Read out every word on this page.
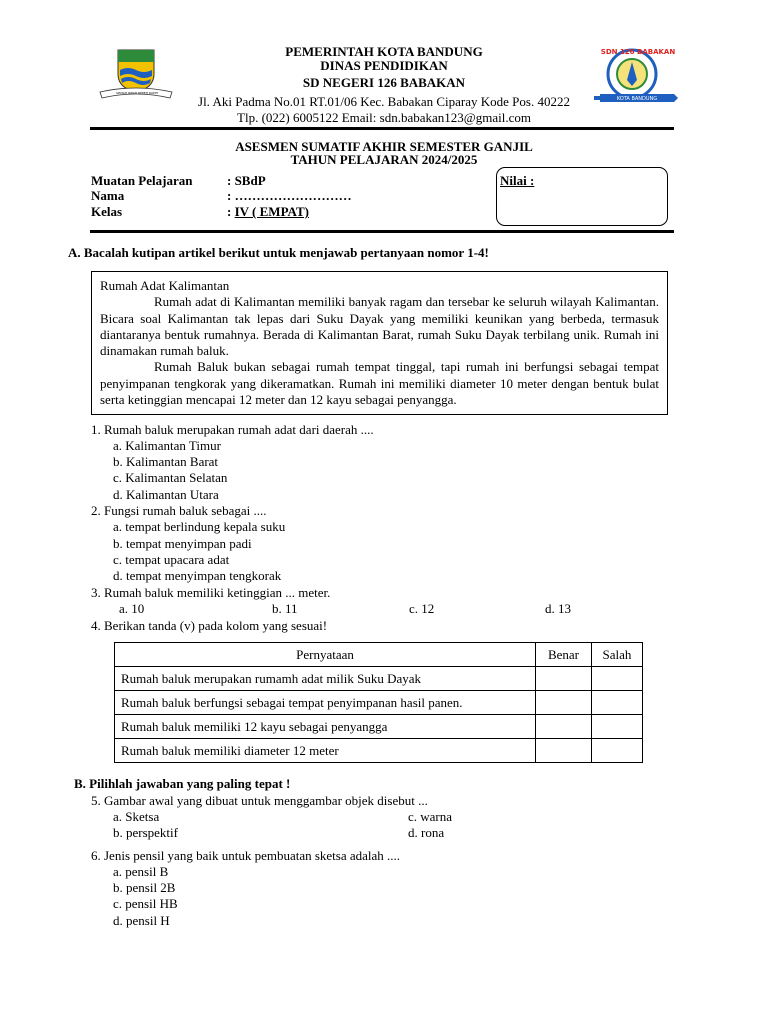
GEMAH RIPAH REPEH RAPIH
SDN 126 BABAKAN
KOTA BANDUNG
PEMERINTAH KOTA BANDUNG
DINAS PENDIDIKAN
SD NEGERI 126 BABAKAN
Jl. Aki Padma No.01 RT.01/06 Kec. Babakan Ciparay Kode Pos. 40222
Tlp. (022) 6005122 Email: sdn.babakan123@gmail.com
ASESMEN SUMATIF AKHIR SEMESTER GANJIL
TAHUN PELAJARAN 2024/2025
Muatan Pelajaran	: SBdP
Nama	: ………………………
Kelas	: IV ( EMPAT)
Nilai :
A. Bacalah kutipan artikel berikut untuk menjawab pertanyaan nomor 1-4!

Rumah Adat Kalimantan

Rumah adat di Kalimantan memiliki banyak ragam dan tersebar ke seluruh wilayah Kalimantan. Bicara soal Kalimantan tak lepas dari Suku Dayak yang memiliki keunikan yang berbeda, termasuk diantaranya bentuk rumahnya. Berada di Kalimantan Barat, rumah Suku Dayak terbilang unik. Rumah ini dinamakan rumah baluk.

Rumah Baluk bukan sebagai rumah tempat tinggal, tapi rumah ini berfungsi sebagai tempat penyimpanan tengkorak yang dikeramatkan. Rumah ini memiliki diameter 10 meter dengan bentuk bulat serta ketinggian mencapai 12 meter dan 12 kayu sebagai penyangga.

1. Rumah baluk merupakan rumah adat dari daerah ....
a. Kalimantan Timur
b. Kalimantan Barat
c. Kalimantan Selatan
d. Kalimantan Utara
2. Fungsi rumah baluk sebagai ....
a. tempat berlindung kepala suku
b. tempat menyimpan padi
c. tempat upacara adat
d. tempat menyimpan tengkorak
3. Rumah baluk memiliki ketinggian ... meter.
a. 10	b. 11	c. 12	d. 13
4. Berikan tanda (v) pada kolom yang sesuai!
Pernyataan	Benar	Salah
Rumah baluk merupakan rumamh adat milik Suku Dayak		
Rumah baluk berfungsi sebagai tempat penyimpanan hasil panen.		
Rumah baluk memiliki 12 kayu sebagai penyangga		
Rumah baluk memiliki diameter 12 meter		
B. Pilihlah jawaban yang paling tepat !
5. Gambar awal yang dibuat untuk menggambar objek disebut ...
a. Sketsa	c. warna
b. perspektif	d. rona
6. Jenis pensil yang baik untuk pembuatan sketsa adalah ....
a. pensil B
b. pensil 2B
c. pensil HB
d. pensil H
